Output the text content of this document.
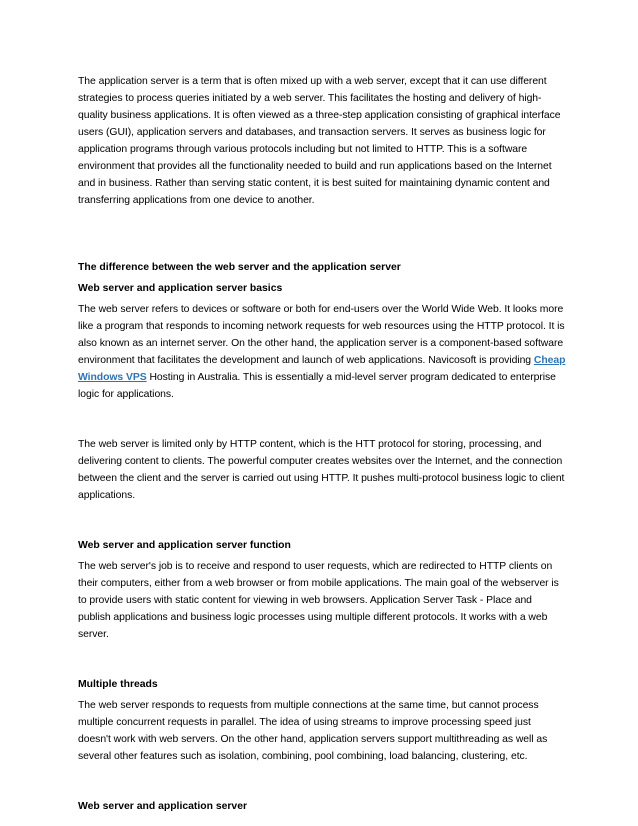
The application server is a term that is often mixed up with a web server, except that it can use different strategies to process queries initiated by a web server. This facilitates the hosting and delivery of high-quality business applications. It is often viewed as a three-step application consisting of graphical interface users (GUI), application servers and databases, and transaction servers. It serves as business logic for application programs through various protocols including but not limited to HTTP. This is a software environment that provides all the functionality needed to build and run applications based on the Internet and in business. Rather than serving static content, it is best suited for maintaining dynamic content and transferring applications from one device to another.

The difference between the web server and the application server

Web server and application server basics

The web server refers to devices or software or both for end-users over the World Wide Web. It looks more like a program that responds to incoming network requests for web resources using the HTTP protocol. It is also known as an internet server. On the other hand, the application server is a component-based software environment that facilitates the development and launch of web applications. Navicosoft is providing Cheap Windows VPS Hosting in Australia. This is essentially a mid-level server program dedicated to enterprise logic for applications.

The web server is limited only by HTTP content, which is the HTT protocol for storing, processing, and delivering content to clients. The powerful computer creates websites over the Internet, and the connection between the client and the server is carried out using HTTP. It pushes multi-protocol business logic to client applications.

Web server and application server function

The web server's job is to receive and respond to user requests, which are redirected to HTTP clients on their computers, either from a web browser or from mobile applications. The main goal of the webserver is to provide users with static content for viewing in web browsers. Application Server Task - Place and publish applications and business logic processes using multiple different protocols. It works with a web server.

Multiple threads

The web server responds to requests from multiple connections at the same time, but cannot process multiple concurrent requests in parallel. The idea of using streams to improve processing speed just doesn't work with web servers. On the other hand, application servers support multithreading as well as several other features such as isolation, combining, pool combining, load balancing, clustering, etc.

Web server and application server
